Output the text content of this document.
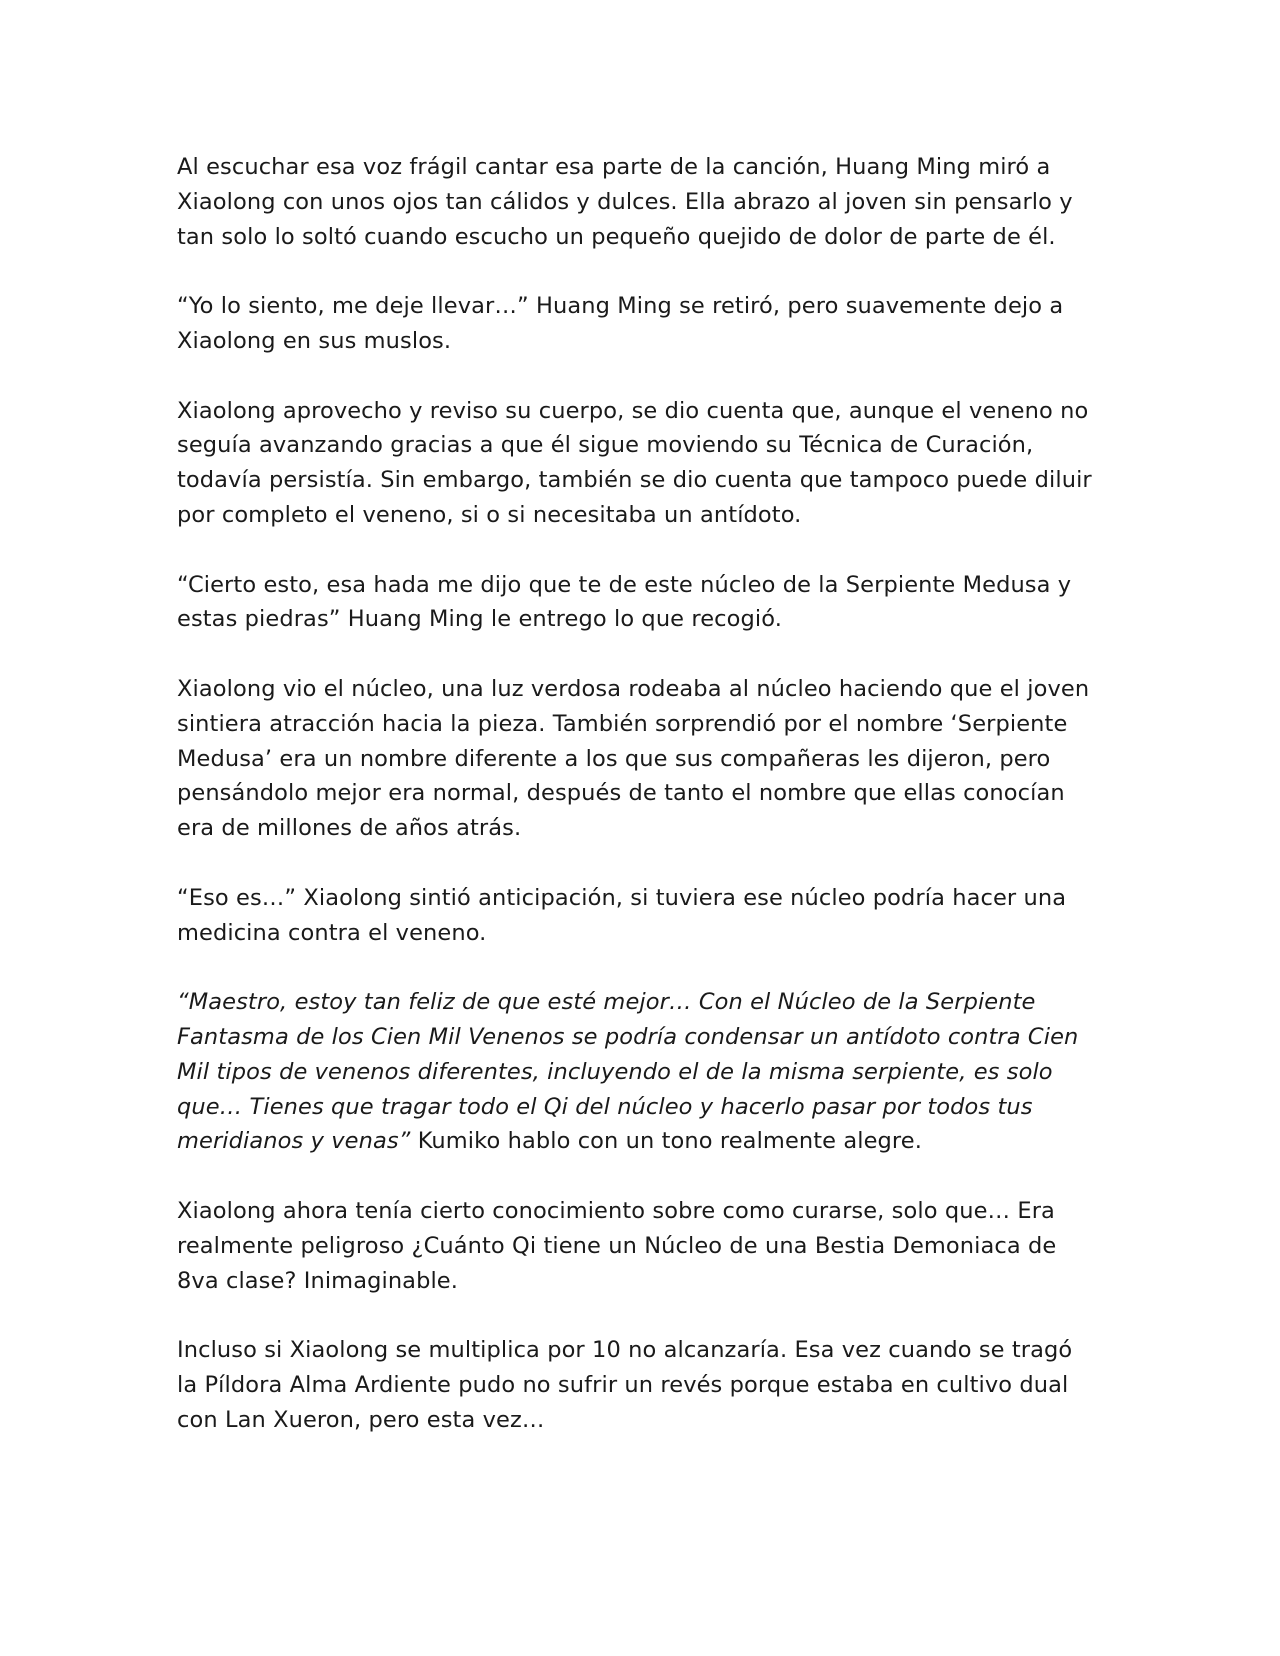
Al escuchar esa voz frágil cantar esa parte de la canción, Huang Ming miró a
Xiaolong con unos ojos tan cálidos y dulces. Ella abrazo al joven sin pensarlo y
tan solo lo soltó cuando escucho un pequeño quejido de dolor de parte de él.

“Yo lo siento, me deje llevar…” Huang Ming se retiró, pero suavemente dejo a
Xiaolong en sus muslos.

Xiaolong aprovecho y reviso su cuerpo, se dio cuenta que, aunque el veneno no
seguía avanzando gracias a que él sigue moviendo su Técnica de Curación,
todavía persistía. Sin embargo, también se dio cuenta que tampoco puede diluir
por completo el veneno, si o si necesitaba un antídoto.

“Cierto esto, esa hada me dijo que te de este núcleo de la Serpiente Medusa y
estas piedras” Huang Ming le entrego lo que recogió.

Xiaolong vio el núcleo, una luz verdosa rodeaba al núcleo haciendo que el joven
sintiera atracción hacia la pieza. También sorprendió por el nombre ‘Serpiente
Medusa’ era un nombre diferente a los que sus compañeras les dijeron, pero
pensándolo mejor era normal, después de tanto el nombre que ellas conocían
era de millones de años atrás.

“Eso es…” Xiaolong sintió anticipación, si tuviera ese núcleo podría hacer una
medicina contra el veneno.

“Maestro, estoy tan feliz de que esté mejor… Con el Núcleo de la Serpiente
Fantasma de los Cien Mil Venenos se podría condensar un antídoto contra Cien
Mil tipos de venenos diferentes, incluyendo el de la misma serpiente, es solo
que… Tienes que tragar todo el Qi del núcleo y hacerlo pasar por todos tus
meridianos y venas” Kumiko hablo con un tono realmente alegre.

Xiaolong ahora tenía cierto conocimiento sobre como curarse, solo que… Era
realmente peligroso ¿Cuánto Qi tiene un Núcleo de una Bestia Demoniaca de
8va clase? Inimaginable.

Incluso si Xiaolong se multiplica por 10 no alcanzaría. Esa vez cuando se tragó
la Píldora Alma Ardiente pudo no sufrir un revés porque estaba en cultivo dual
con Lan Xueron, pero esta vez…
